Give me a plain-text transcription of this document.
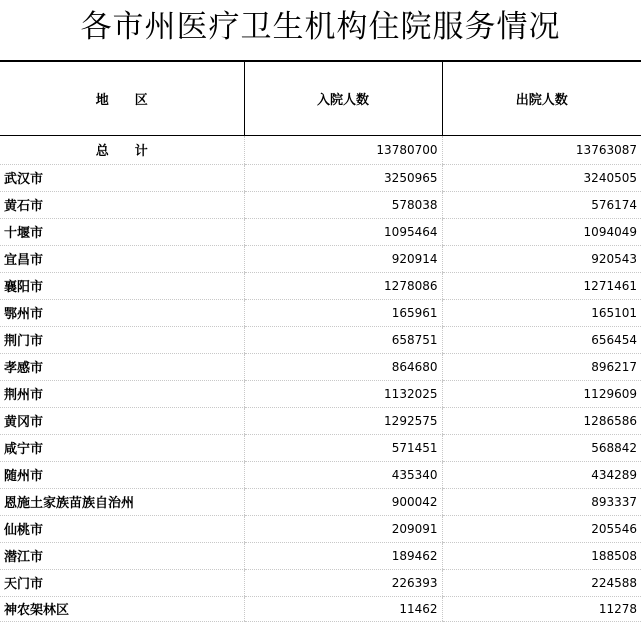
各市州医疗卫生机构住院服务情况
地　　区	入院人数	出院人数
总　　计	13780700	13763087
武汉市	3250965	3240505
黄石市	578038	576174
十堰市	1095464	1094049
宜昌市	920914	920543
襄阳市	1278086	1271461
鄂州市	165961	165101
荆门市	658751	656454
孝感市	864680	896217
荆州市	1132025	1129609
黄冈市	1292575	1286586
咸宁市	571451	568842
随州市	435340	434289
恩施土家族苗族自治州	900042	893337
仙桃市	209091	205546
潜江市	189462	188508
天门市	226393	224588
神农架林区	11462	11278
